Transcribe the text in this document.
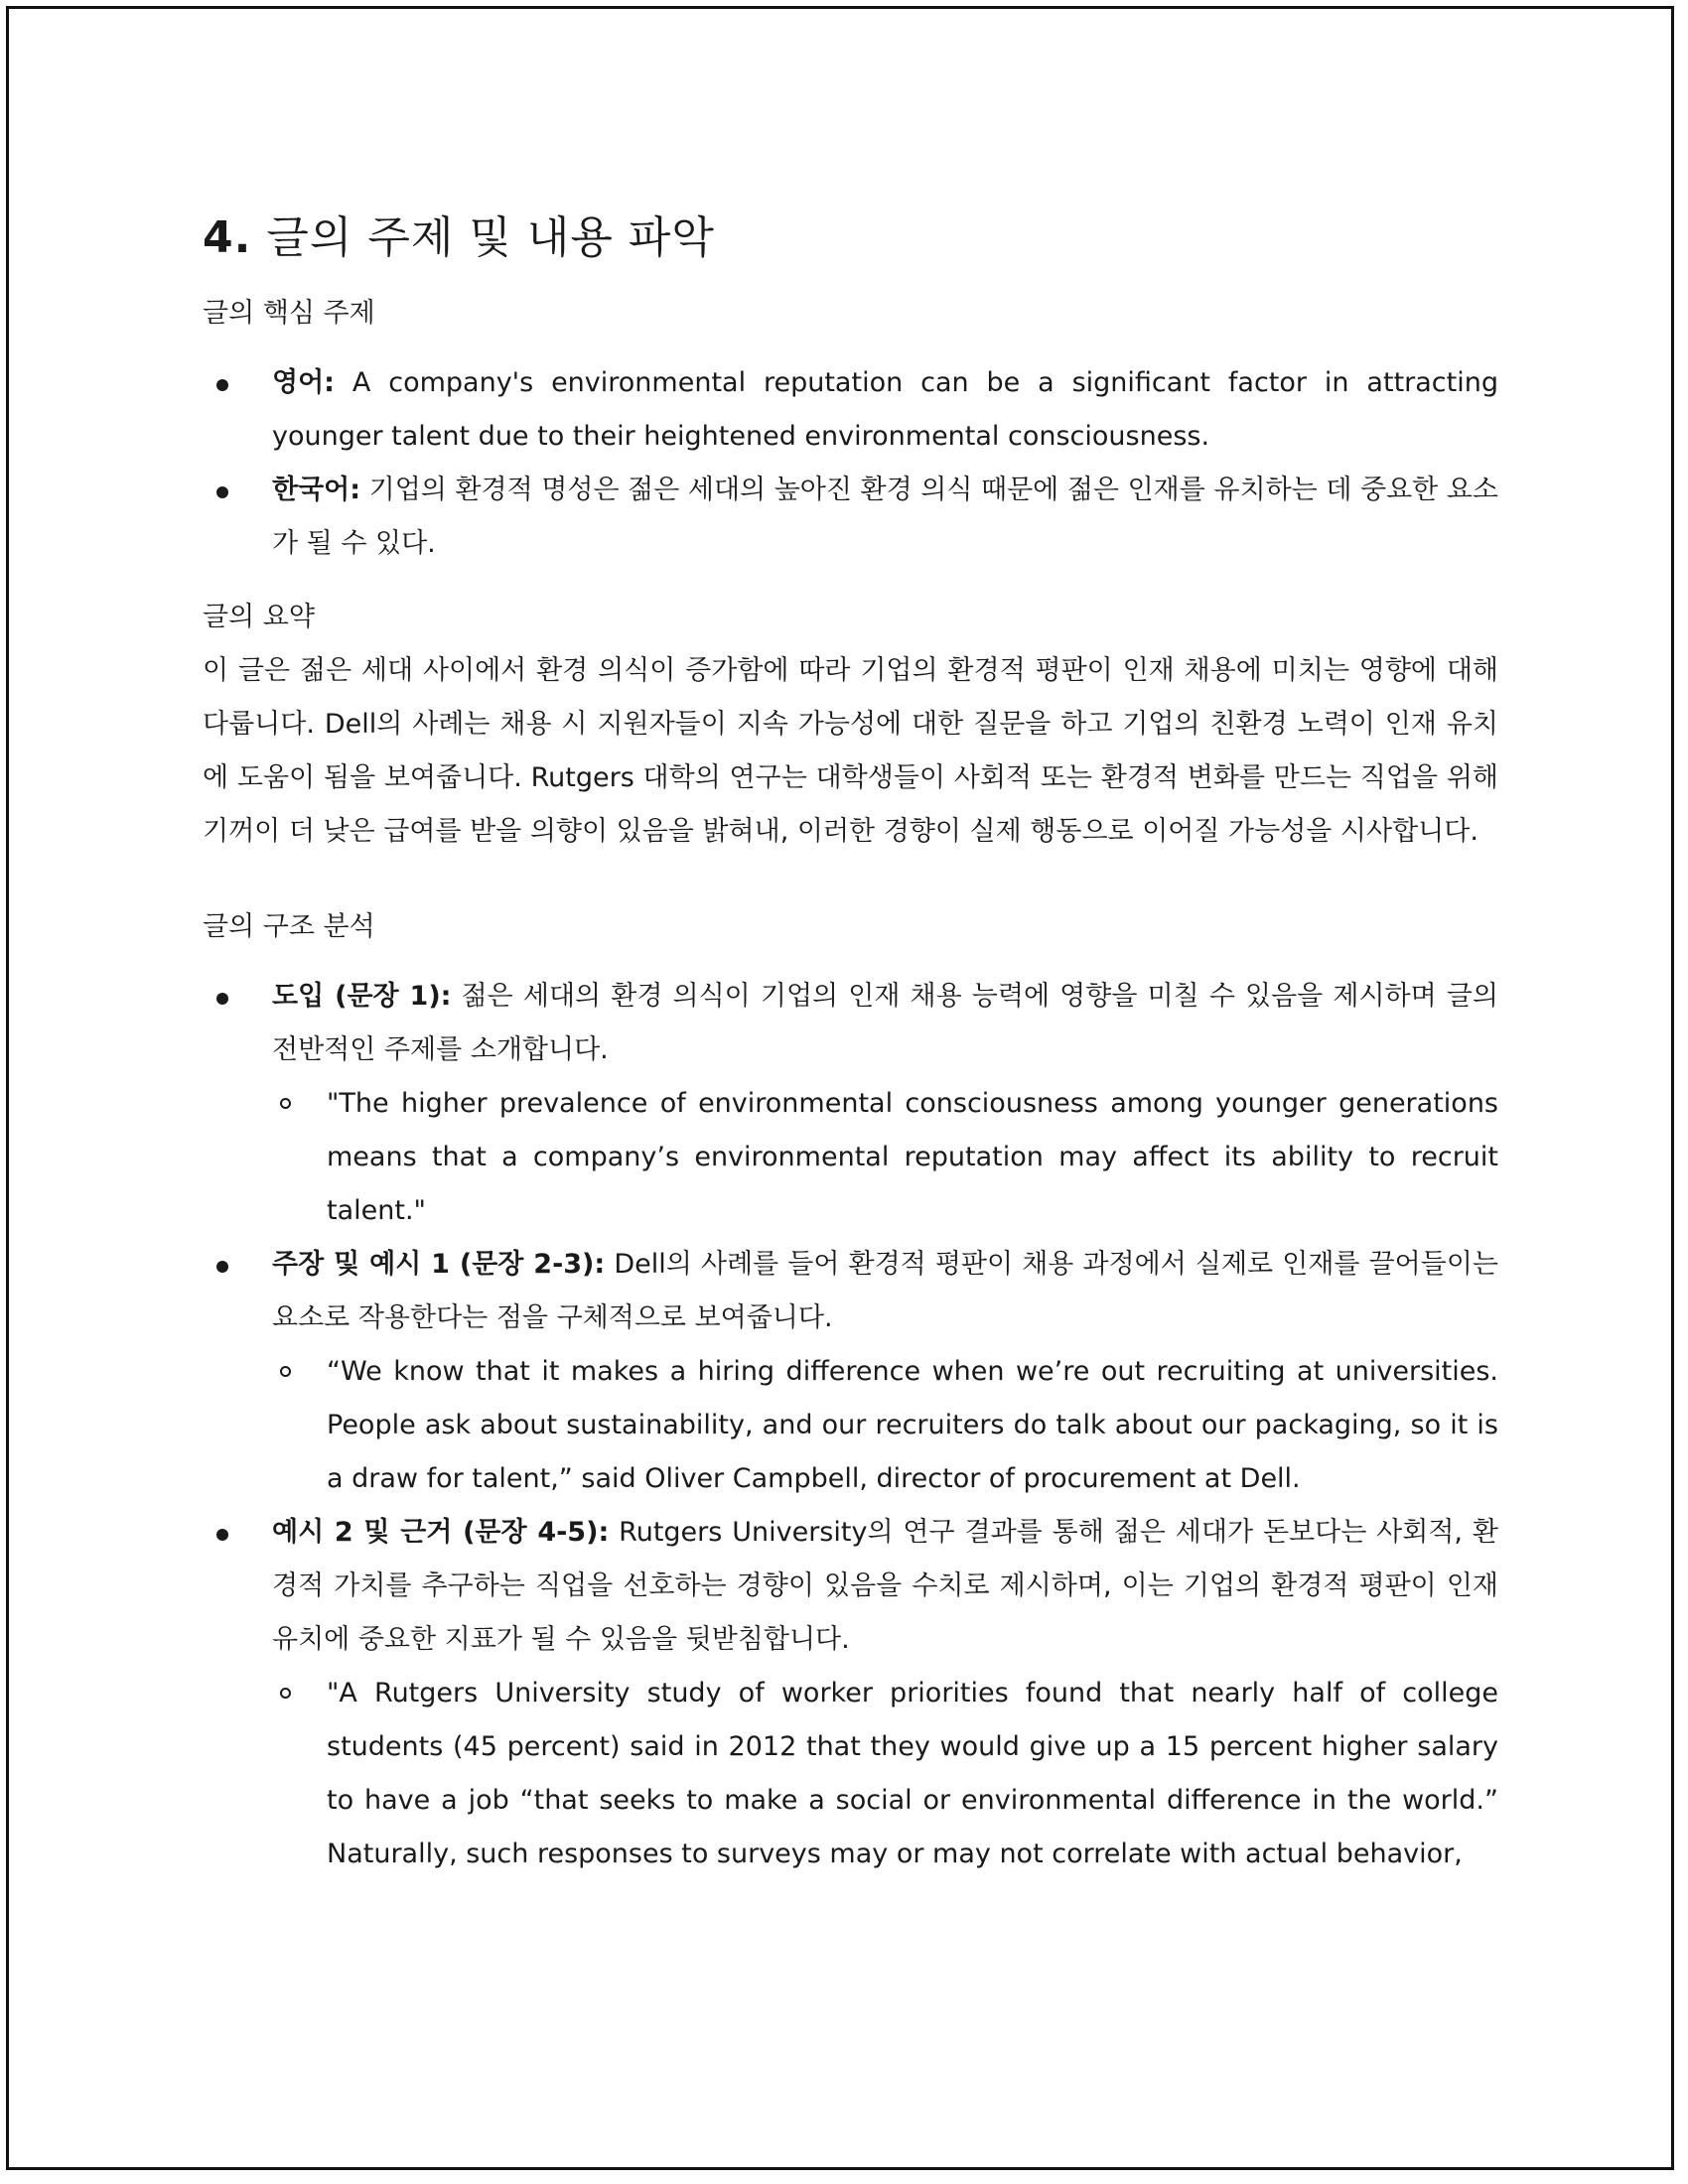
4. 글의 주제 및 내용 파악

글의 핵심 주제

영어: A company's environmental reputation can be a significant factor in attracting younger talent due to their heightened environmental consciousness.
한국어: 기업의 환경적 명성은 젊은 세대의 높아진 환경 의식 때문에 젊은 인재를 유치하는 데 중요한 요소가 될 수 있다.

글의 요약

이 글은 젊은 세대 사이에서 환경 의식이 증가함에 따라 기업의 환경적 평판이 인재 채용에 미치는 영향에 대해 다룹니다. Dell의 사례는 채용 시 지원자들이 지속 가능성에 대한 질문을 하고 기업의 친환경 노력이 인재 유치에 도움이 됨을 보여줍니다. Rutgers 대학의 연구는 대학생들이 사회적 또는 환경적 변화를 만드는 직업을 위해 기꺼이 더 낮은 급여를 받을 의향이 있음을 밝혀내, 이러한 경향이 실제 행동으로 이어질 가능성을 시사합니다.

글의 구조 분석

도입 (문장 1): 젊은 세대의 환경 의식이 기업의 인재 채용 능력에 영향을 미칠 수 있음을 제시하며 글의 전반적인 주제를 소개합니다.
"The higher prevalence of environmental consciousness among younger generations means that a company’s environmental reputation may affect its ability to recruit talent."
주장 및 예시 1 (문장 2-3): Dell의 사례를 들어 환경적 평판이 채용 과정에서 실제로 인재를 끌어들이는 요소로 작용한다는 점을 구체적으로 보여줍니다.
“We know that it makes a hiring difference when we’re out recruiting at universities. People ask about sustainability, and our recruiters do talk about our packaging, so it is a draw for talent,” said Oliver Campbell, director of procurement at Dell.
예시 2 및 근거 (문장 4-5): Rutgers University의 연구 결과를 통해 젊은 세대가 돈보다는 사회적, 환경적 가치를 추구하는 직업을 선호하는 경향이 있음을 수치로 제시하며, 이는 기업의 환경적 평판이 인재 유치에 중요한 지표가 될 수 있음을 뒷받침합니다.
"A Rutgers University study of worker priorities found that nearly half of college students (45 percent) said in 2012 that they would give up a 15 percent higher salary to have a job “that seeks to make a social or environmental difference in the world.” Naturally, such responses to surveys may or may not correlate with actual behavior,
